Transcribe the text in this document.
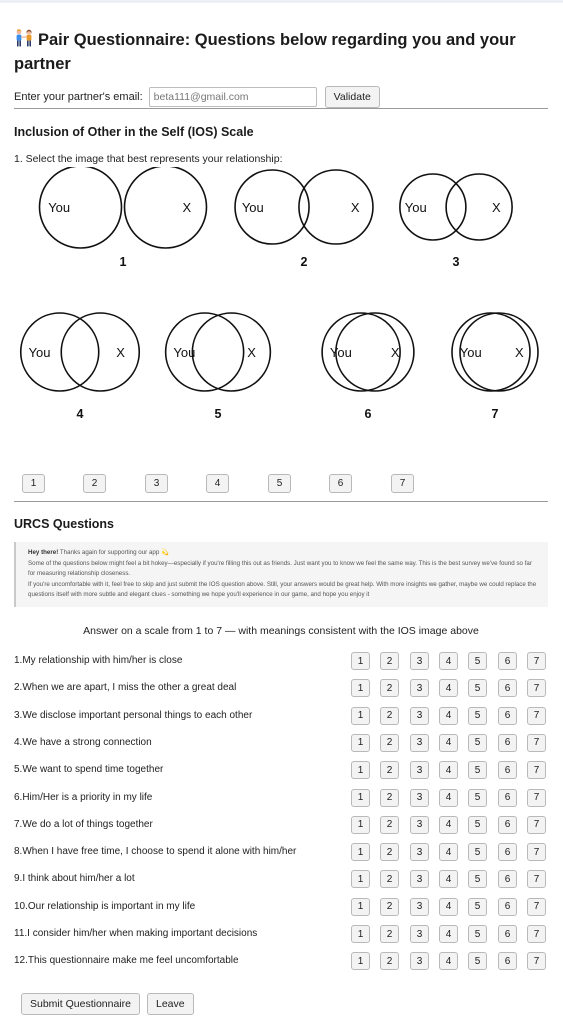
Pair Questionnaire: Questions below regarding you and your partner
Enter your partner's email:
beta111@gmail.com	Validate
Inclusion of Other in the Self (IOS) Scale
1. Select the image that best represents your relationship:
You	X
1
You	X
2
You	X
3
You	X
4
You	X
5
You	X
6
You	X
7
1	2	3	4	5	6	7
URCS Questions
Hey there! Thanks again for supporting our app 💫
Some of the questions below might feel a bit hokey—especially if you're filling this out as friends. Just want you to know we feel the same way. This is the best survey we've found so far for measuring relationship closeness.
If you're uncomfortable with it, feel free to skip and just submit the IOS question above. Still, your answers would be great help. With more insights we gather, maybe we could replace the questions itself with more subtle and elegant clues - something we hope you'll experience in our game, and hope you enjoy it
Answer on a scale from 1 to 7 — with meanings consistent with the IOS image above
1.My relationship with him/her is close	1	2	3	4	5	6	7
2.When we are apart, I miss the other a great deal	1	2	3	4	5	6	7
3.We disclose important personal things to each other	1	2	3	4	5	6	7
4.We have a strong connection	1	2	3	4	5	6	7
5.We want to spend time together	1	2	3	4	5	6	7
6.Him/Her is a priority in my life	1	2	3	4	5	6	7
7.We do a lot of things together	1	2	3	4	5	6	7
8.When I have free time, I choose to spend it alone with him/her	1	2	3	4	5	6	7
9.I think about him/her a lot	1	2	3	4	5	6	7
10.Our relationship is important in my life	1	2	3	4	5	6	7
11.I consider him/her when making important decisions	1	2	3	4	5	6	7
12.This questionnaire make me feel uncomfortable	1	2	3	4	5	6	7
Submit Questionnaire	Leave
